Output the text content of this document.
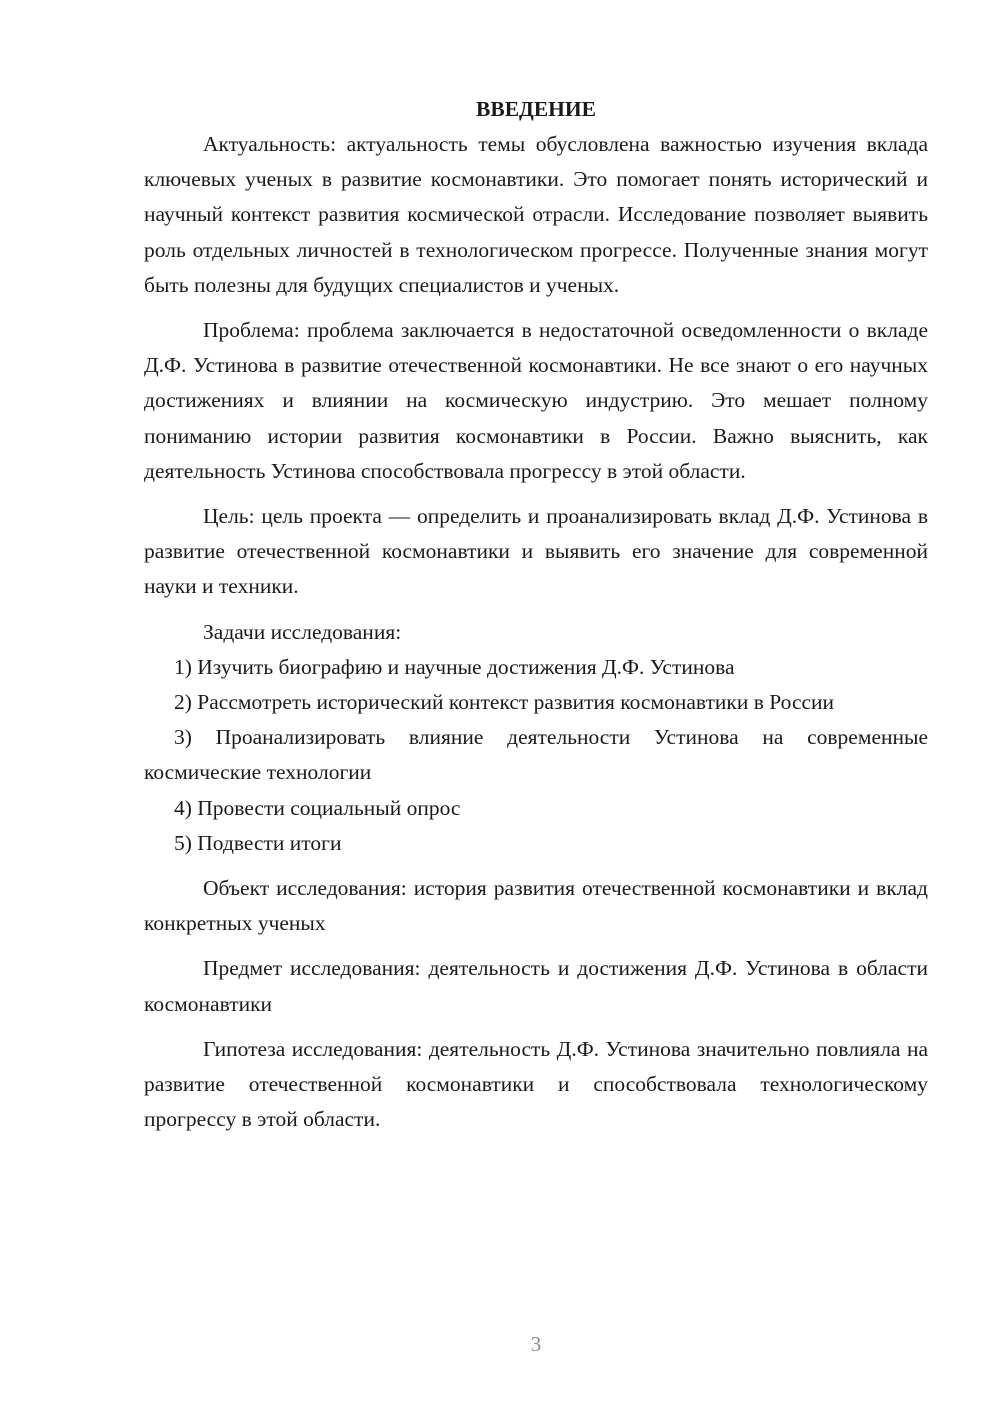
ВВЕДЕНИЕ

Актуальность: актуальность темы обусловлена важностью изучения вклада ключевых ученых в развитие космонавтики. Это помогает понять исторический и научный контекст развития космической отрасли. Исследование позволяет выявить роль отдельных личностей в технологическом прогрессе. Полученные знания могут быть полезны для будущих специалистов и ученых.

Проблема: проблема заключается в недостаточной осведомленности о вкладе Д.Ф. Устинова в развитие отечественной космонавтики. Не все знают о его научных достижениях и влиянии на космическую индустрию. Это мешает полному пониманию истории развития космонавтики в России. Важно выяснить, как деятельность Устинова способствовала прогрессу в этой области.

Цель: цель проекта — определить и проанализировать вклад Д.Ф. Устинова в развитие отечественной космонавтики и выявить его значение для современной науки и техники.

Задачи исследования:

1) Изучить биографию и научные достижения Д.Ф. Устинова

2) Рассмотреть исторический контекст развития космонавтики в России

3) Проанализировать влияние деятельности Устинова на современные космические технологии

4) Провести социальный опрос

5) Подвести итоги

Объект исследования: история развития отечественной космонавтики и вклад конкретных ученых

Предмет исследования: деятельность и достижения Д.Ф. Устинова в области космонавтики

Гипотеза исследования: деятельность Д.Ф. Устинова значительно повлияла на развитие отечественной космонавтики и способствовала технологическому прогрессу в этой области.

3
